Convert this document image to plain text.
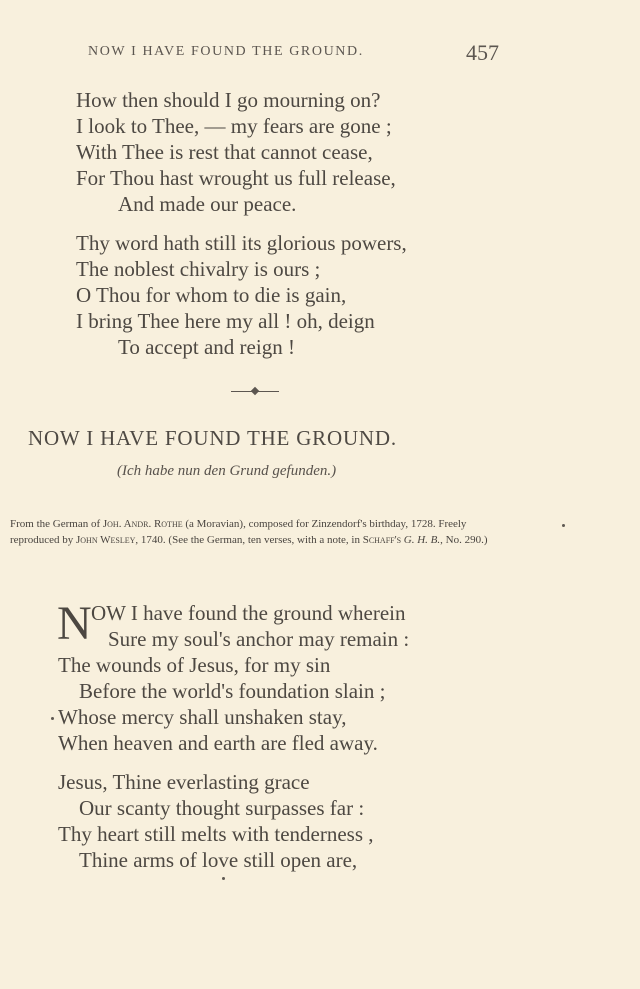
NOW I HAVE FOUND THE GROUND.	457
How then should I go mourning on?
I look to Thee, — my fears are gone ;
With Thee is rest that cannot cease,
For Thou hast wrought us full release,
And made our peace.
Thy word hath still its glorious powers,
The noblest chivalry is ours ;
O Thou for whom to die is gain,
I bring Thee here my all ! oh, deign
To accept and reign !
NOW I HAVE FOUND THE GROUND.
(Ich habe nun den Grund gefunden.)
From the German of Joh. Andr. Rothe (a Moravian), composed for Zinzendorf's birthday, 1728. Freely reproduced by John Wesley, 1740. (See the German, ten verses, with a note, in Schaff's G. H. B., No. 290.)
N OW I have found the ground wherein
Sure my soul's anchor may remain :
The wounds of Jesus, for my sin
Before the world's foundation slain ;
Whose mercy shall unshaken stay,
When heaven and earth are fled away.
Jesus, Thine everlasting grace
Our scanty thought surpasses far :
Thy heart still melts with tenderness ,
Thine arms of love still open are,
